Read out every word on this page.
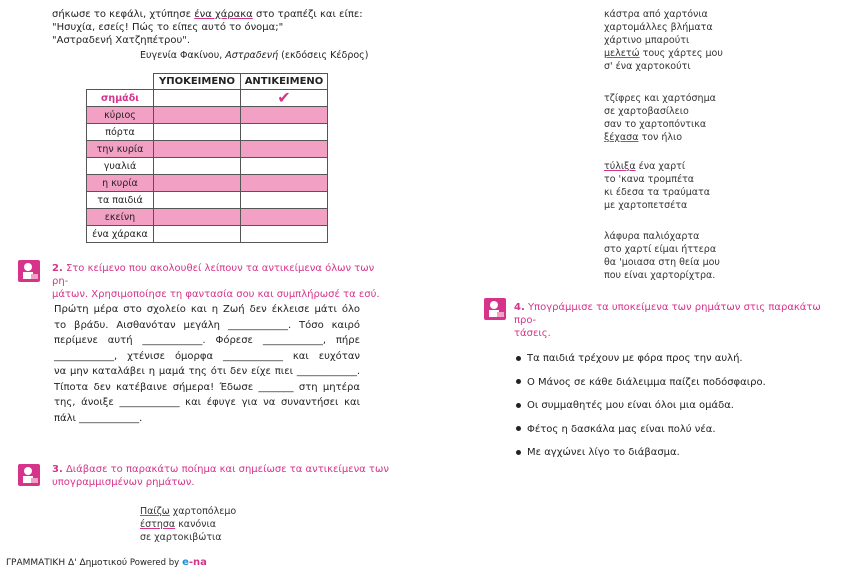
σήκωσε το κεφάλι, χτύπησε ένα χάρακα στο τραπέζι και είπε:
"Ησυχία, εσείς! Πώς το είπες αυτό το όνομα;"
"Αστραδενή Χατζηπέτρου".
Ευγενία Φακίνου, Αστραδενή (εκδόσεις Κέδρος)
	ΥΠΟΚΕΙΜΕΝΟ	ΑΝΤΙΚΕΙΜΕΝΟ
σημάδι		✔
κύριος		
πόρτα		
την κυρία		
γυαλιά		
η κυρία		
τα παιδιά		
εκείνη		
ένα χάρακα		
2. Στο κείμενο που ακολουθεί λείπουν τα αντικείμενα όλων των ρη-
μάτων. Χρησιμοποίησε τη φαντασία σου και συμπλήρωσέ τα εσύ.
Πρώτη μέρα στο σχολείο και η Ζωή δεν έκλεισε μάτι όλο
το βράδυ. Αισθανόταν μεγάλη ____________. Τόσο καιρό
περίμενε αυτή ____________. Φόρεσε ____________, πήρε
____________, χτένισε όμορφα ____________ και ευχόταν
να μην καταλάβει η μαμά της ότι δεν είχε πιει ____________.
Τίποτα δεν κατέβαινε σήμερα! Έδωσε _______ στη μητέρα
της, άνοιξε ____________ και έφυγε για να συναντήσει και
πάλι ____________.
3. Διάβασε το παρακάτω ποίημα και σημείωσε τα αντικείμενα των
υπογραμμισμένων ρημάτων.
Παίζω χαρτοπόλεμο
έστησα κανόνια
σε χαρτοκιβώτια
κάστρα από χαρτόνια
χαρτομάλλες βλήματα
χάρτινο μπαρούτι
μελετώ τους χάρτες μου
σ' ένα χαρτοκούτι
τζίφρες και χαρτόσημα
σε χαρτοβασίλειο
σαν το χαρτοπόντικα
ξέχασα τον ήλιο
τύλιξα ένα χαρτί
το 'κανα τρομπέτα
κι έδεσα τα τραύματα
με χαρτοπετσέτα
λάφυρα παλιόχαρτα
στο χαρτί είμαι ήττερα
θα 'μοιασα στη θεία μου
που είναι χαρτορίχτρα.
4. Υπογράμμισε τα υποκείμενα των ρημάτων στις παρακάτω προ-
τάσεις.
Τα παιδιά τρέχουν με φόρα προς την αυλή.
Ο Μάνος σε κάθε διάλειμμα παίζει ποδόσφαιρο.
Οι συμμαθητές μου είναι όλοι μια ομάδα.
Φέτος η δασκάλα μας είναι πολύ νέα.
Με αγχώνει λίγο το διάβασμα.
ΓΡΑΜΜΑΤΙΚΗ Δ' Δημοτικού Powered by e-na
